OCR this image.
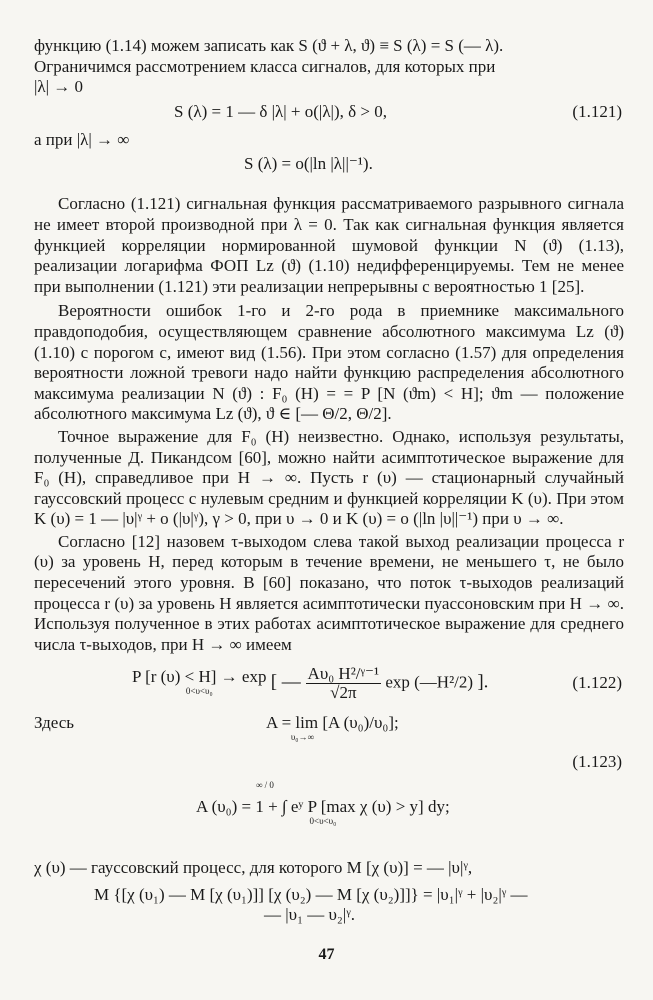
функцию (1.14) можем записать как S (ϑ + λ, ϑ) ≡ S (λ) = S (— λ).

Ограничимся рассмотрением класса сигналов, для которых при

|λ| → 0

S (λ) = 1 — δ |λ| + o(|λ|), δ > 0,	(1.121)

а при |λ| → ∞

S (λ) = o(|ln |λ||⁻¹).

Согласно (1.121) сигнальная функция рассматриваемого разрывного сигнала не имеет второй производной при λ = 0. Так как сигнальная функция является функцией корреляции нормированной шумовой функции N (ϑ) (1.13), реализации логарифма ФОП Lz (ϑ) (1.10) недифференцируемы. Тем не менее при выполнении (1.121) эти реализации непрерывны с вероятностью 1 [25].

Вероятности ошибок 1-го и 2-го рода в приемнике максимального правдоподобия, осуществляющем сравнение абсолютного максимума Lz (ϑ) (1.10) с порогом c, имеют вид (1.56). При этом согласно (1.57) для определения вероятности ложной тревоги надо найти функцию распределения абсолютного максимума реализации N (ϑ) : F₀ (H) = = P [N (ϑm) < H]; ϑm — положение абсолютного максимума Lz (ϑ), ϑ ∈ [— Θ/2, Θ/2].

Точное выражение для F₀ (H) неизвестно. Однако, используя результаты, полученные Д. Пикандсом [60], можно найти асимптотическое выражение для F₀ (H), справедливое при H → ∞. Пусть r (υ) — стационарный случайный гауссовский процесс с нулевым средним и функцией корреляции K (υ). При этом K (υ) = 1 — |υ|ᵞ + o (|υ|ᵞ), γ > 0, при υ → 0 и K (υ) = o (|ln |υ||⁻¹) при υ → ∞.

Согласно [12] назовем τ-выходом слева такой выход реализации процесса r (υ) за уровень H, перед которым в течение времени, не меньшего τ, не было пересечений этого уровня. В [60] показано, что поток τ-выходов реализаций процесса r (υ) за уровень H является асимптотически пуассоновским при H → ∞. Используя полученное в этих работах асимптотическое выражение для среднего числа τ-выходов, при H → ∞ имеем

P [r (υ) < H] → exp
0<υ<υ₀	[ — $\frac{\text{Aυ₀ H²/ᵞ⁻¹}}{√2\pi}$ exp (—H²/2) ].	(1.122)

Здесь	A = lim [A (υ₀)/υ₀];
υ₀→∞
(1.123)
A (υ₀) = 1 + ∫ eʸ P [max χ (υ) > y] dy;
0<υ<υ₀
∞ / 0

χ (υ) — гауссовский процесс, для которого M [χ (υ)] = — |υ|ᵞ,

M {[χ (υ₁) — M [χ (υ₁)]] [χ (υ₂) — M [χ (υ₂)]]} = |υ₁|ᵞ + |υ₂|ᵞ —

— |υ₁ — υ₂|ᵞ.

47
